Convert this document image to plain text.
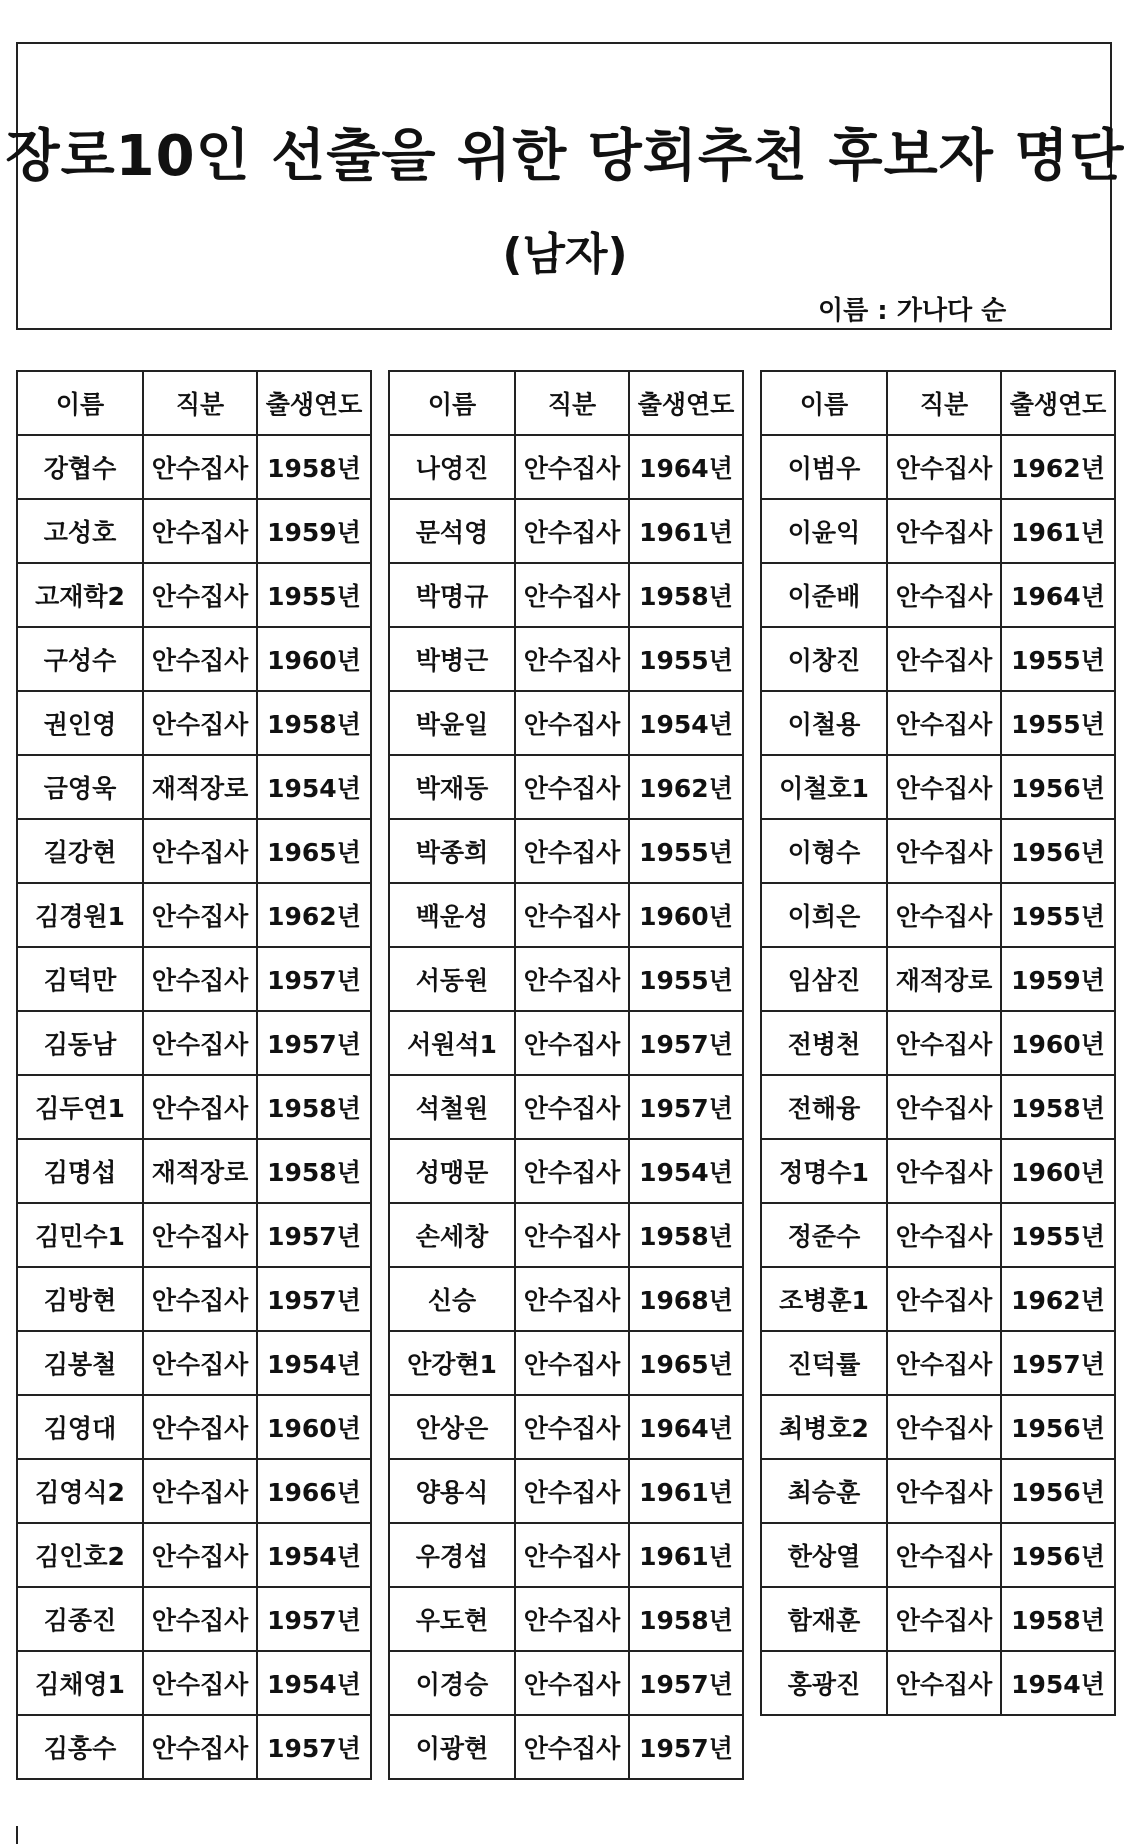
장로10인 선출을 위한 당회추천 후보자 명단
(남자)
이름 : 가나다 순
이름	직분	출생연도
강협수	안수집사	1958년
고성호	안수집사	1959년
고재학2	안수집사	1955년
구성수	안수집사	1960년
권인영	안수집사	1958년
금영욱	재적장로	1954년
길강현	안수집사	1965년
김경원1	안수집사	1962년
김덕만	안수집사	1957년
김동남	안수집사	1957년
김두연1	안수집사	1958년
김명섭	재적장로	1958년
김민수1	안수집사	1957년
김방현	안수집사	1957년
김봉철	안수집사	1954년
김영대	안수집사	1960년
김영식2	안수집사	1966년
김인호2	안수집사	1954년
김종진	안수집사	1957년
김채영1	안수집사	1954년
김홍수	안수집사	1957년
이름	직분	출생연도
나영진	안수집사	1964년
문석영	안수집사	1961년
박명규	안수집사	1958년
박병근	안수집사	1955년
박윤일	안수집사	1954년
박재동	안수집사	1962년
박종희	안수집사	1955년
백운성	안수집사	1960년
서동원	안수집사	1955년
서원석1	안수집사	1957년
석철원	안수집사	1957년
성맹문	안수집사	1954년
손세창	안수집사	1958년
신승	안수집사	1968년
안강현1	안수집사	1965년
안상은	안수집사	1964년
양용식	안수집사	1961년
우경섭	안수집사	1961년
우도현	안수집사	1958년
이경승	안수집사	1957년
이광현	안수집사	1957년
이름	직분	출생연도
이범우	안수집사	1962년
이윤익	안수집사	1961년
이준배	안수집사	1964년
이창진	안수집사	1955년
이철용	안수집사	1955년
이철호1	안수집사	1956년
이형수	안수집사	1956년
이희은	안수집사	1955년
임삼진	재적장로	1959년
전병천	안수집사	1960년
전해융	안수집사	1958년
정명수1	안수집사	1960년
정준수	안수집사	1955년
조병훈1	안수집사	1962년
진덕률	안수집사	1957년
최병호2	안수집사	1956년
최승훈	안수집사	1956년
한상열	안수집사	1956년
함재훈	안수집사	1958년
홍광진	안수집사	1954년
